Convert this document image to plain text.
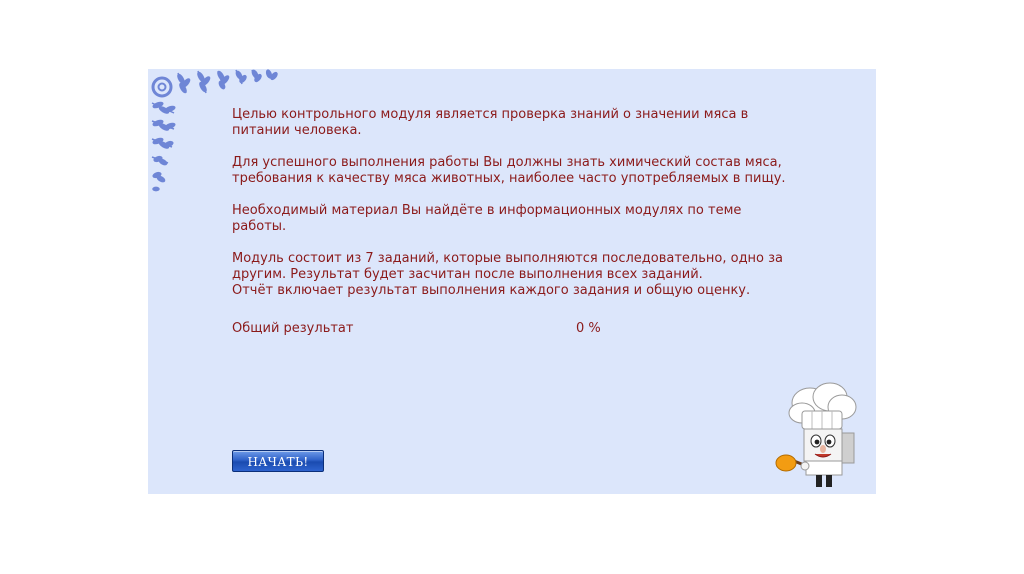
Целью контрольного модуля является проверка знаний о значении мяса в
питании человека.

Для успешного выполнения работы Вы должны знать химический состав мяса,
требования к качеству мяса животных, наиболее часто употребляемых в пищу.

Необходимый материал Вы найдёте в информационных модулях по теме
работы.

Модуль состоит из 7 заданий, которые выполняются последовательно, одно за
другим. Результат будет засчитан после выполнения всех заданий.
Отчёт включает результат выполнения каждого задания и общую оценку.

Общий результат	0 %
НАЧАТЬ!
